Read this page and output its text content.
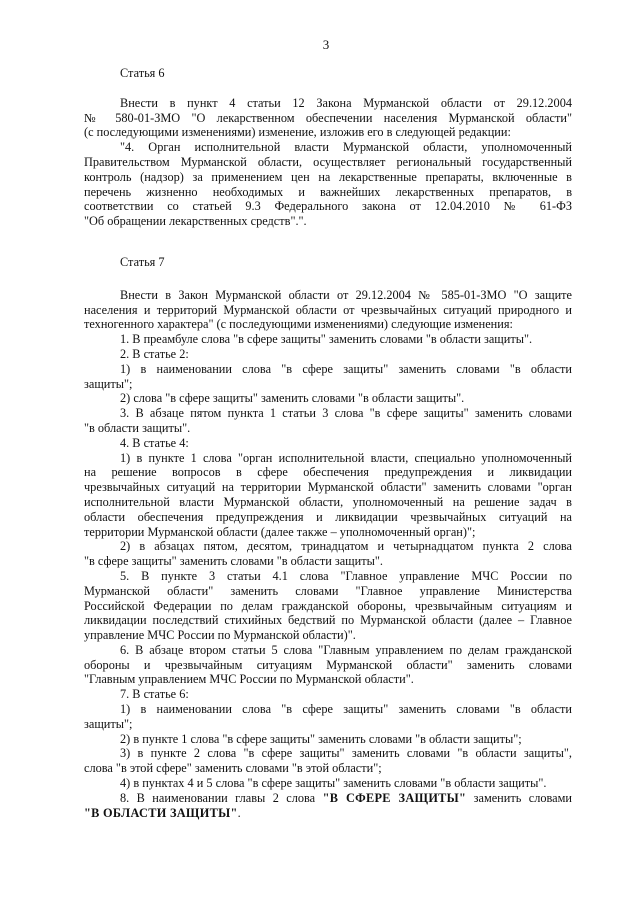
3

Статья 6

Внести в пункт 4 статьи 12 Закона Мурманской области от 29.12.2004

№ 580-01-ЗМО "О лекарственном обеспечении населения Мурманской области"

(с последующими изменениями) изменение, изложив его в следующей редакции:

"4. Орган исполнительной власти Мурманской области, уполномоченный

Правительством Мурманской области, осуществляет региональный государственный

контроль (надзор) за применением цен на лекарственные препараты, включенные в

перечень жизненно необходимых и важнейших лекарственных препаратов, в

соответствии со статьей 9.3 Федерального закона от 12.04.2010 № 61-ФЗ

"Об обращении лекарственных средств".".

Статья 7

Внести в Закон Мурманской области от 29.12.2004 № 585-01-ЗМО "О защите

населения и территорий Мурманской области от чрезвычайных ситуаций природного и

техногенного характера" (с последующими изменениями) следующие изменения:

1. В преамбуле слова "в сфере защиты" заменить словами "в области защиты".

2. В статье 2:

1) в наименовании слова "в сфере защиты" заменить словами "в области

защиты";

2) слова "в сфере защиты" заменить словами "в области защиты".

3. В абзаце пятом пункта 1 статьи 3 слова "в сфере защиты" заменить словами

"в области защиты".

4. В статье 4:

1) в пункте 1 слова "орган исполнительной власти, специально уполномоченный

на решение вопросов в сфере обеспечения предупреждения и ликвидации

чрезвычайных ситуаций на территории Мурманской области" заменить словами "орган

исполнительной власти Мурманской области, уполномоченный на решение задач в

области обеспечения предупреждения и ликвидации чрезвычайных ситуаций на

территории Мурманской области (далее также – уполномоченный орган)";

2) в абзацах пятом, десятом, тринадцатом и четырнадцатом пункта 2 слова

"в сфере защиты" заменить словами "в области защиты".

5. В пункте 3 статьи 4.1 слова "Главное управление МЧС России по

Мурманской области" заменить словами "Главное управление Министерства

Российской Федерации по делам гражданской обороны, чрезвычайным ситуациям и

ликвидации последствий стихийных бедствий по Мурманской области (далее – Главное

управление МЧС России по Мурманской области)".

6. В абзаце втором статьи 5 слова "Главным управлением по делам гражданской

обороны и чрезвычайным ситуациям Мурманской области" заменить словами

"Главным управлением МЧС России по Мурманской области".

7. В статье 6:

1) в наименовании слова "в сфере защиты" заменить словами "в области

защиты";

2) в пункте 1 слова "в сфере защиты" заменить словами "в области защиты";

3) в пункте 2 слова "в сфере защиты" заменить словами "в области защиты",

слова "в этой сфере" заменить словами "в этой области";

4) в пунктах 4 и 5 слова "в сфере защиты" заменить словами "в области защиты".

8. В наименовании главы 2 слова "В СФЕРЕ ЗАЩИТЫ" заменить словами

"В ОБЛАСТИ ЗАЩИТЫ".
